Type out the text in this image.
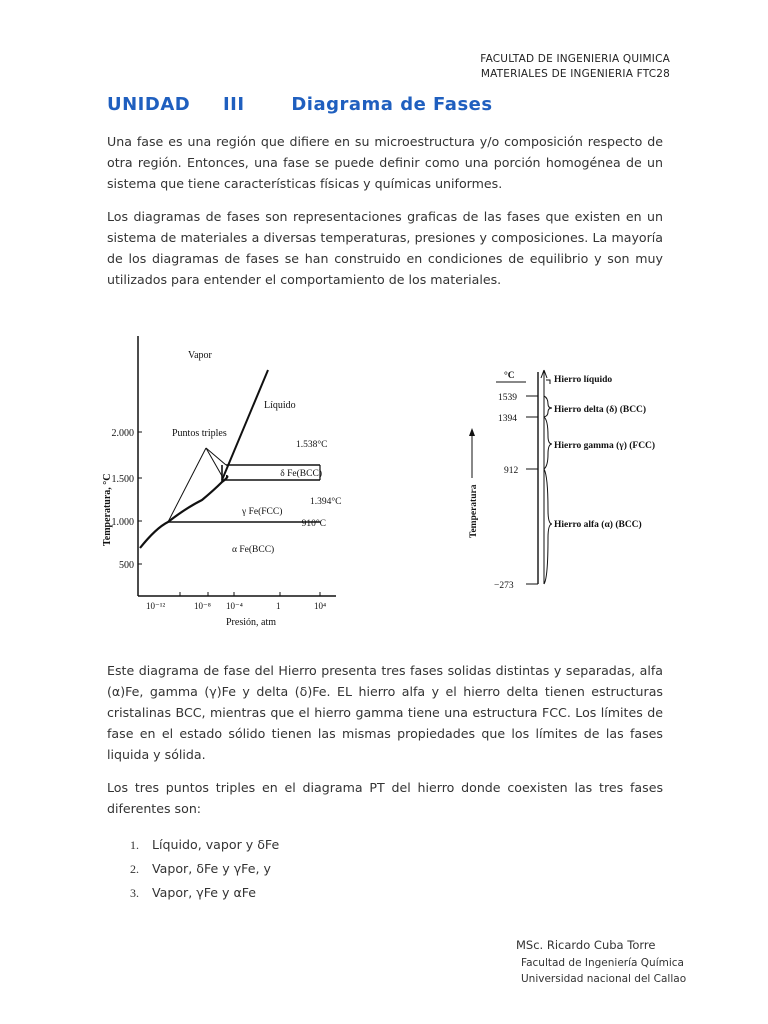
FACULTAD DE INGENIERIA QUIMICA
MATERIALES DE INGENIERIA FTC28
UNIDAD III	Diagrama de Fases

Una fase es una región que difiere en su microestructura y/o composición respecto de otra región. Entonces, una fase se puede definir como una porción homogénea de un sistema que tiene características físicas y químicas uniformes.

Los diagramas de fases son representaciones graficas de las fases que existen en un sistema de materiales a diversas temperaturas, presiones y composiciones. La mayoría de los diagramas de fases se han construido en condiciones de equilibrio y son muy utilizados para entender el comportamiento de los materiales.

2.000
1.500
1.000
500
10⁻¹²	10⁻⁸ 10⁻⁴	1	10⁴
Presión, atm
Temperatura, °C
Vapor
Líquido
Puntos triples
1.538°C
δ Fe(BCC)
1.394°C
γ Fe(FCC)
910°C
α Fe(BCC)
°C
1539
1394
912
−273
Temperatura
Hierro líquido
Hierro delta (δ) (BCC)
Hierro gamma (γ) (FCC)
Hierro alfa (α) (BCC)

Este diagrama de fase del Hierro presenta tres fases solidas distintas y separadas, alfa (α)Fe, gamma (γ)Fe y delta (δ)Fe. EL hierro alfa y el hierro delta tienen estructuras cristalinas BCC, mientras que el hierro gamma tiene una estructura FCC. Los límites de fase en el estado sólido tienen las mismas propiedades que los límites de las fases liquida y sólida.

Los tres puntos triples en el diagrama PT del hierro donde coexisten las tres fases diferentes son:

1. Líquido, vapor y δFe
2. Vapor, δFe y γFe, y
3. Vapor, γFe y αFe
MSc. Ricardo Cuba Torre
Facultad de Ingeniería Química
Universidad nacional del Callao
